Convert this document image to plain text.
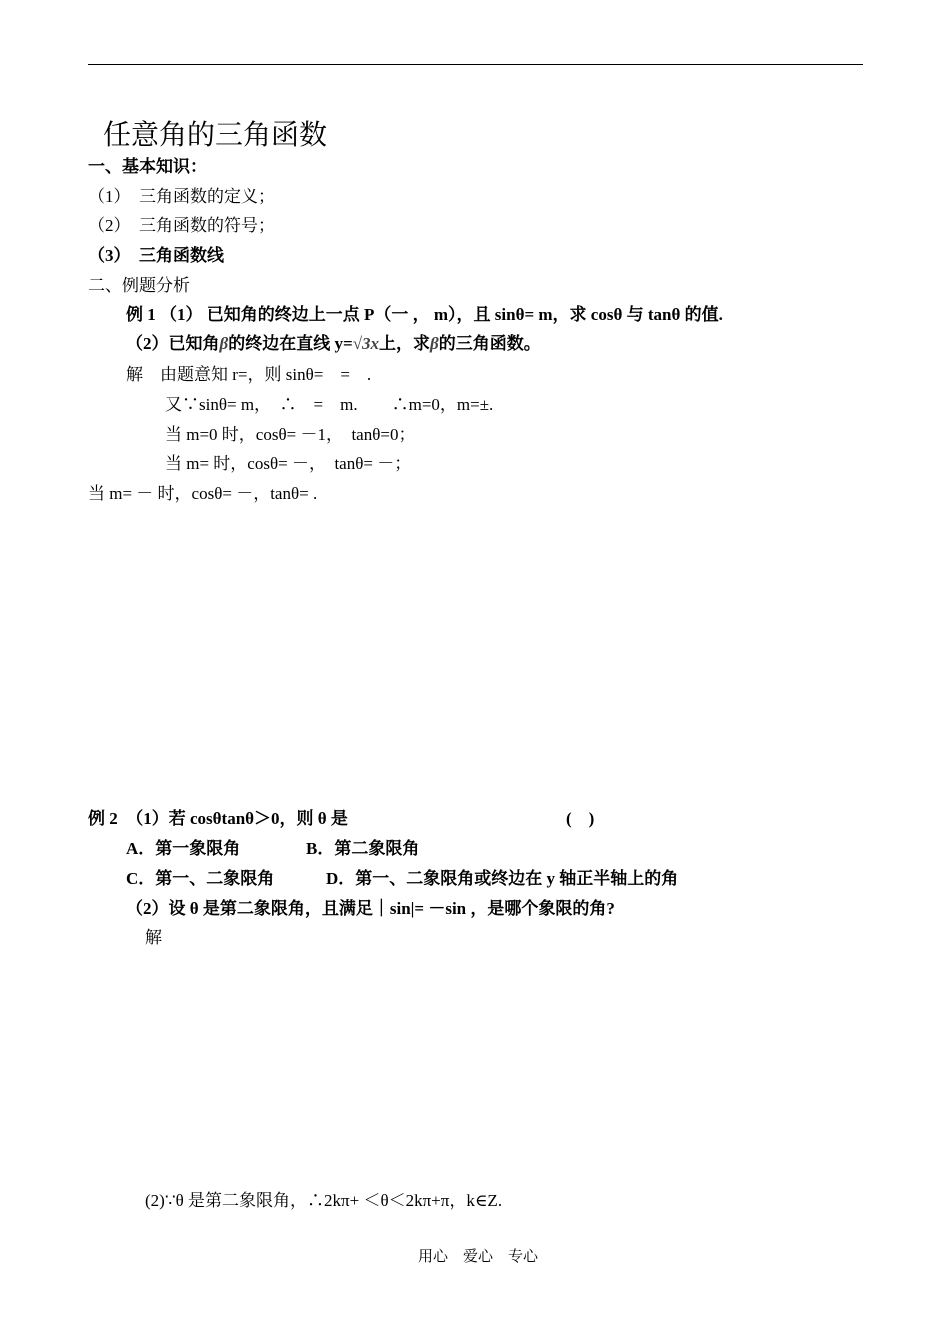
任意角的三角函数
一、基本知识：
（1）　三角函数的定义；
（2）　三角函数的符号；
（3）　三角函数线
二、例题分析
例 1 （1） 已知角的终边上一点 P（一 ， m），且 sinθ= m，求 cosθ 与 tanθ 的值.
（2）已知角β的终边在直线 y=√3x上，求β的三角函数。
解　由题意知 r=，则 sinθ=　=　.
又∵sinθ= m，　∴　=　m.　　∴m=0，m=±.
当 m=0 时，cosθ= －1，　tanθ=0；
当 m= 时，cosθ= －，　tanθ= －；
当 m= － 时，cosθ= －，tanθ= .
例 2　（1）若 cosθtanθ＞0，则 θ 是	(　)
A．第一象限角	B．第二象限角
C．第一、二象限角	D．第一、二象限角或终边在 y 轴正半轴上的角
（2）设 θ 是第二象限角，且满足｜sin|= －sin ，是哪个象限的角?
解
(2)∵θ 是第二象限角，∴2kπ+ ＜θ＜2kπ+π，k∈Z.
用心　爱心　专心
